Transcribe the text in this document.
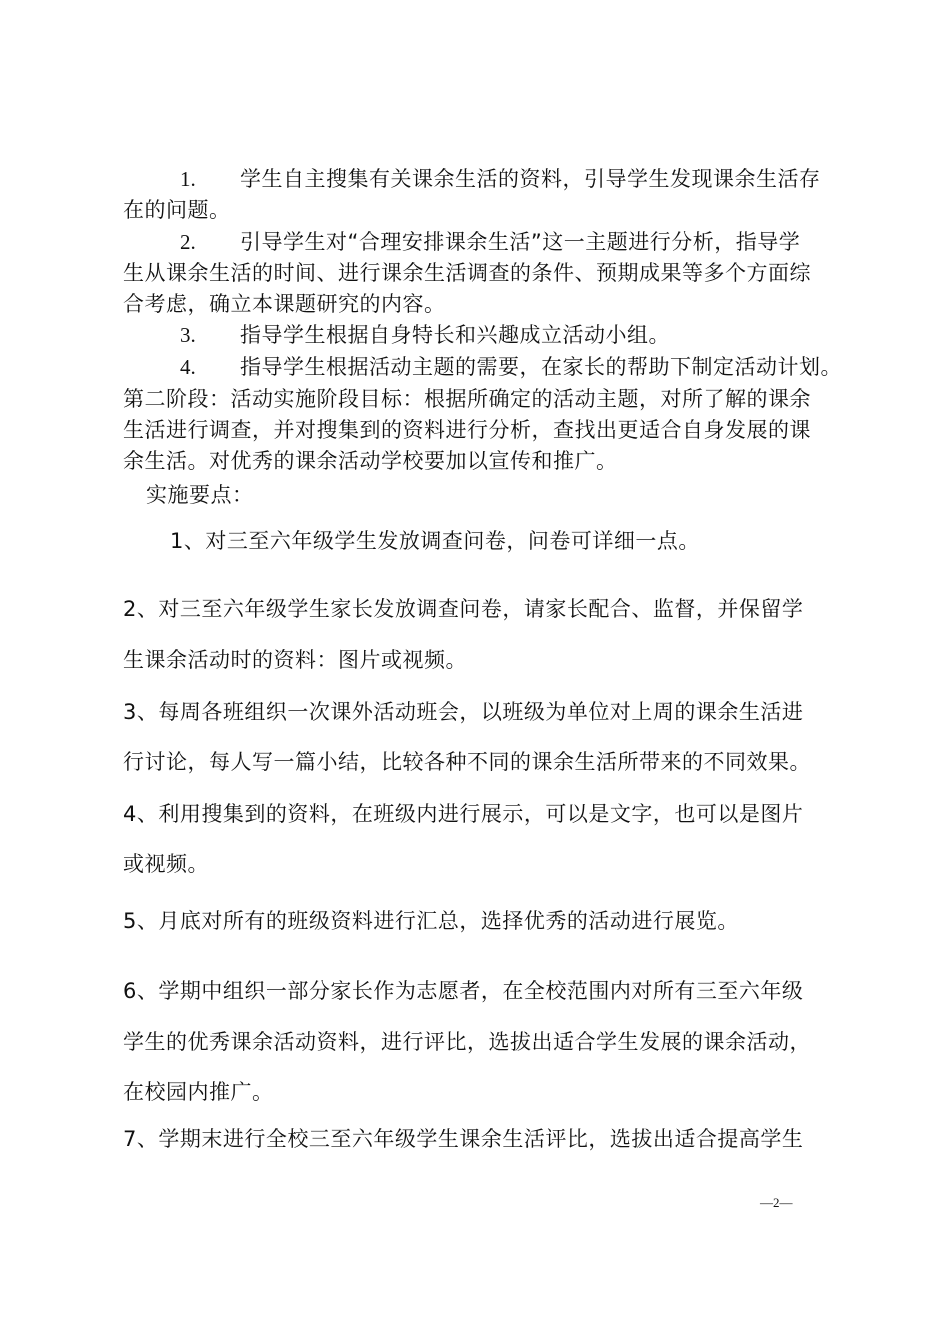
1. 学生自主搜集有关课余生活的资料，引导学生发现课余生活存
在的问题。
2. 引导学生对“合理安排课余生活”这一主题进行分析，指导学
生从课余生活的时间、进行课余生活调查的条件、预期成果等多个方面综
合考虑，确立本课题研究的内容。
3. 指导学生根据自身特长和兴趣成立活动小组。
4. 指导学生根据活动主题的需要，在家长的帮助下制定活动计划。
第二阶段：活动实施阶段目标：根据所确定的活动主题，对所了解的课余
生活进行调查，并对搜集到的资料进行分析，查找出更适合自身发展的课
余生活。对优秀的课余活动学校要加以宣传和推广。
实施要点：
1、对三至六年级学生发放调查问卷，问卷可详细一点。
2、对三至六年级学生家长发放调查问卷，请家长配合、监督，并保留学
生课余活动时的资料：图片或视频。
3、每周各班组织一次课外活动班会，以班级为单位对上周的课余生活进
行讨论，每人写一篇小结，比较各种不同的课余生活所带来的不同效果。
4、利用搜集到的资料，在班级内进行展示，可以是文字，也可以是图片
或视频。
5、月底对所有的班级资料进行汇总，选择优秀的活动进行展览。
6、学期中组织一部分家长作为志愿者，在全校范围内对所有三至六年级
学生的优秀课余活动资料，进行评比，选拔出适合学生发展的课余活动，
在校园内推广。
7、学期末进行全校三至六年级学生课余生活评比，选拔出适合提高学生
—2—
